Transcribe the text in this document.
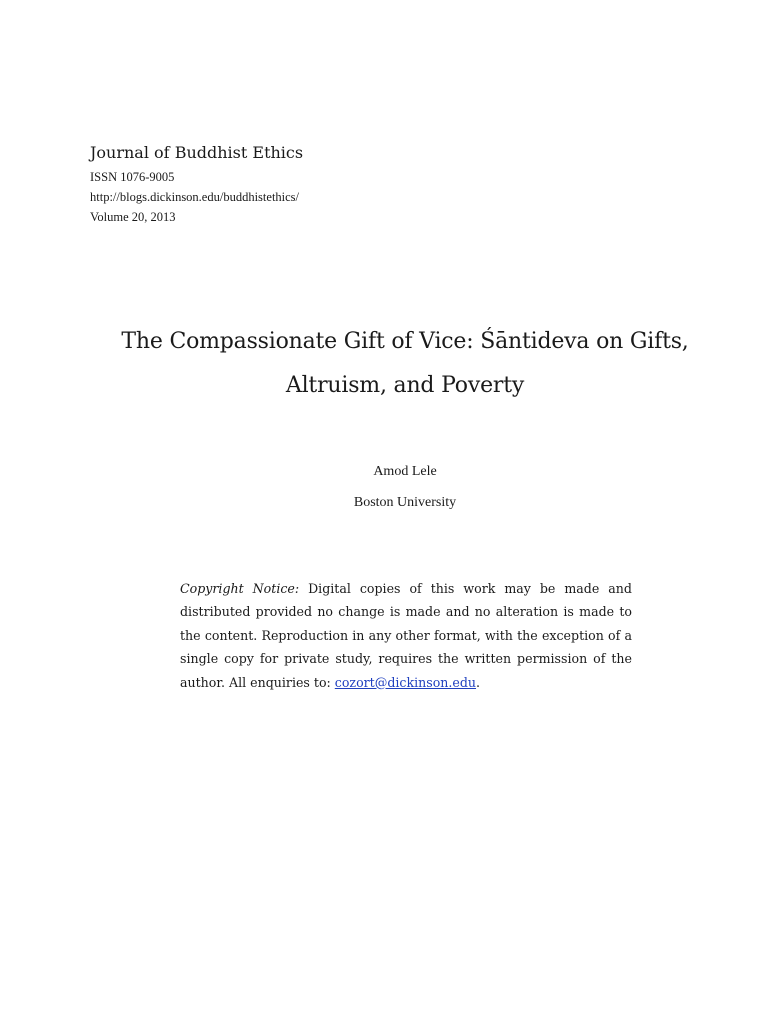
Journal of Buddhist Ethics
ISSN 1076-9005
http://blogs.dickinson.edu/buddhistethics/
Volume 20, 2013
The Compassionate Gift of Vice: Śāntideva on Gifts,
Altruism, and Poverty
Amod Lele
Boston University
Copyright Notice: Digital copies of this work may be made and distributed provided no change is made and no alteration is made to the content. Reproduction in any other format, with the exception of a single copy for private study, requires the written permission of the author. All enquiries to: cozort@dickinson.edu.
